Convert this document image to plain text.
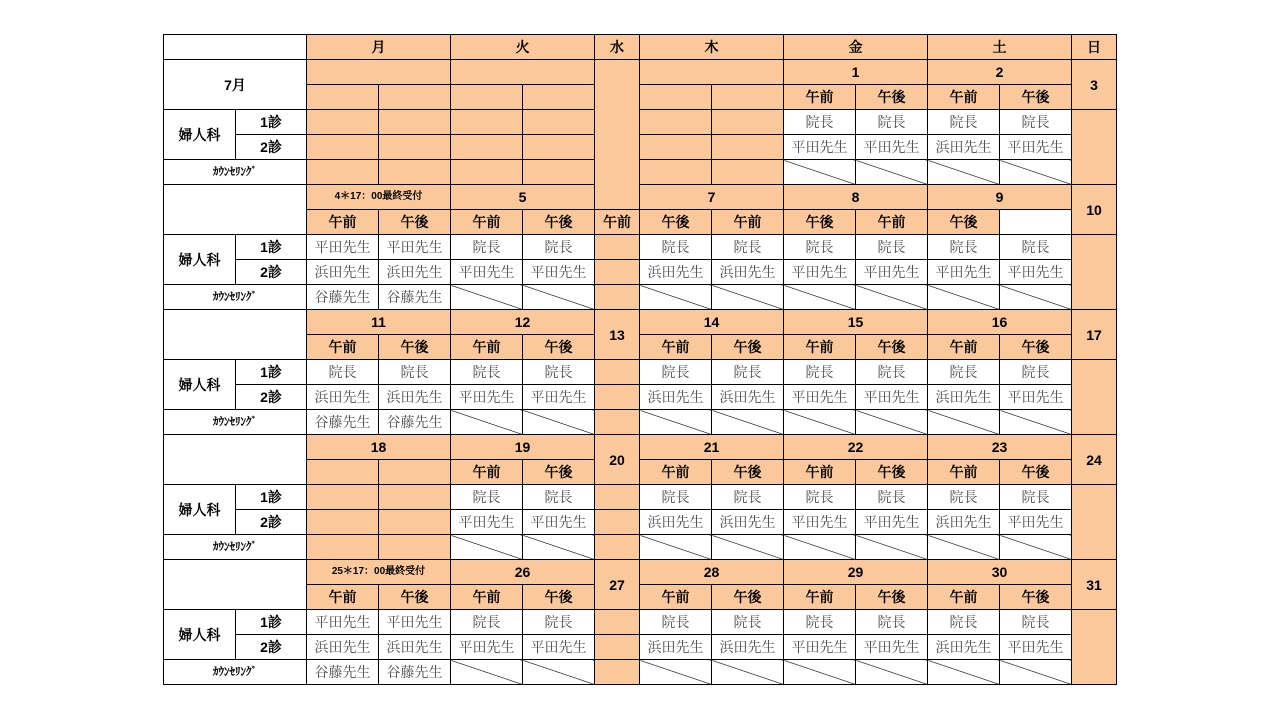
		月		火		水	木		金		土		日
7月									1		2		3
									午前	午後	午前	午後	
婦人科	1診								院長	院長	院長	院長	
	2診								平田先生	平田先生	浜田先生	平田先生	
ｶｳﾝｾﾘﾝｸﾞ													
		4＊17：00最終受付		5			7		8		9		10
		午前	午後	午前	午後	午前	午後	午前	午後	午前	午後		
婦人科	1診	平田先生	平田先生	院長	院長		院長	院長	院長	院長	院長	院長	
	2診	浜田先生	浜田先生	平田先生	平田先生		浜田先生	浜田先生	平田先生	平田先生	平田先生	平田先生	
ｶｳﾝｾﾘﾝｸﾞ		谷藤先生	谷藤先生										
		11		12		13	14		15		16		17
		午前	午後	午前	午後		午前	午後	午前	午後	午前	午後	
婦人科	1診	院長	院長	院長	院長		院長	院長	院長	院長	院長	院長	
	2診	浜田先生	浜田先生	平田先生	平田先生		浜田先生	浜田先生	平田先生	平田先生	浜田先生	平田先生	
ｶｳﾝｾﾘﾝｸﾞ		谷藤先生	谷藤先生										
		18		19		20	21		22		23		24
				午前	午後		午前	午後	午前	午後	午前	午後	
婦人科	1診			院長	院長		院長	院長	院長	院長	院長	院長	
	2診			平田先生	平田先生		浜田先生	浜田先生	平田先生	平田先生	浜田先生	平田先生	
ｶｳﾝｾﾘﾝｸﾞ													
		25＊17：00最終受付		26		27	28		29		30		31
		午前	午後	午前	午後		午前	午後	午前	午後	午前	午後	
婦人科	1診	平田先生	平田先生	院長	院長		院長	院長	院長	院長	院長	院長	
	2診	浜田先生	浜田先生	平田先生	平田先生		浜田先生	浜田先生	平田先生	平田先生	浜田先生	平田先生	
ｶｳﾝｾﾘﾝｸﾞ		谷藤先生	谷藤先生										
